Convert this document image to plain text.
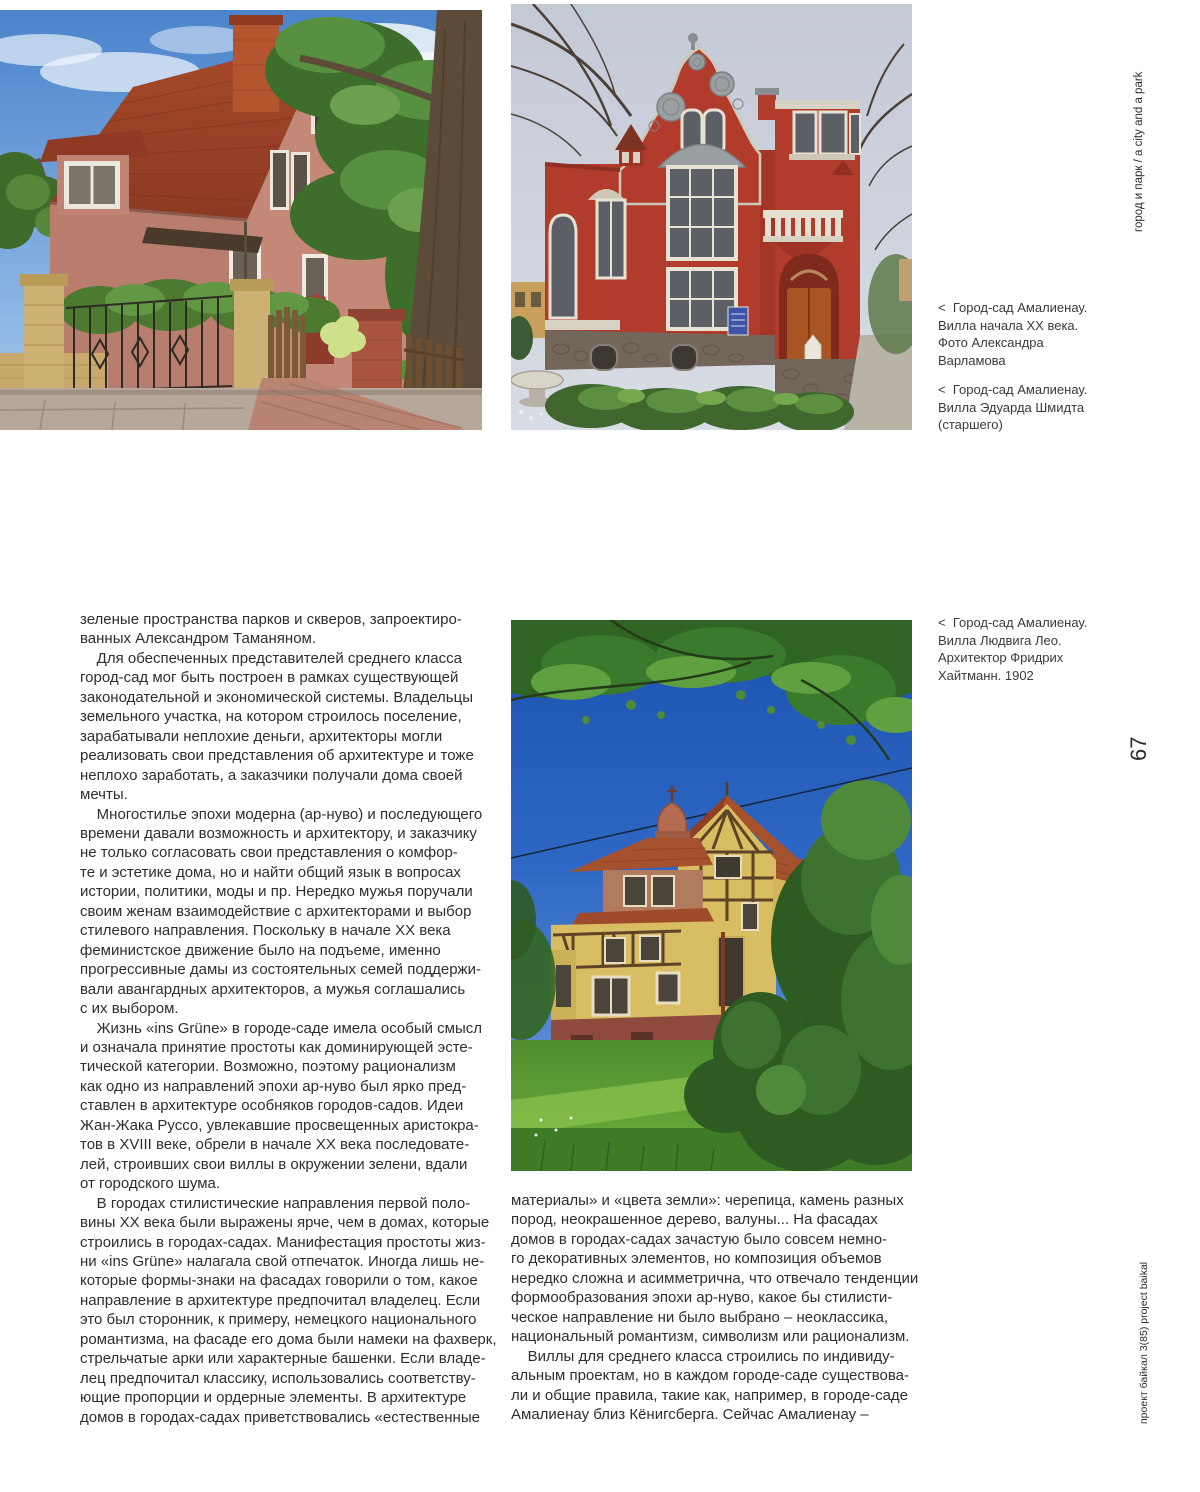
<  Город-сад Амалиенау.
Вилла начала XX века.
Фото Александра
Варламова
<  Город-сад Амалиенау.
Вилла Эдуарда Шмидта
(старшего)
<  Город-сад Амалиенау.
Вилла Людвига Лео.
Архитектор Фридрих
Хайтманн. 1902
зеленые пространства парков и скверов, запроектиро-
ванных Александром Таманяном.
Для обеспеченных представителей среднего класса
город-сад мог быть построен в рамках существующей
законодательной и экономической системы. Владельцы
земельного участка, на котором строилось поселение,
зарабатывали неплохие деньги, архитекторы могли
реализовать свои представления об архитектуре и тоже
неплохо заработать, а заказчики получали дома своей
мечты.
Многостилье эпохи модерна (ар-нуво) и последующего
времени давали возможность и архитектору, и заказчику
не только согласовать свои представления о комфор-
те и эстетике дома, но и найти общий язык в вопросах
истории, политики, моды и пр. Нередко мужья поручали
своим женам взаимодействие с архитекторами и выбор
стилевого направления. Поскольку в начале XX века
феминистское движение было на подъеме, именно
прогрессивные дамы из состоятельных семей поддержи-
вали авангардных архитекторов, а мужья соглашались
с их выбором.
Жизнь «ins Grüne» в городе-саде имела особый смысл
и означала принятие простоты как доминирующей эсте-
тической категории. Возможно, поэтому рационализм
как одно из направлений эпохи ар-нуво был ярко пред-
ставлен в архитектуре особняков городов-садов. Идеи
Жан-Жака Руссо, увлекавшие просвещенных аристокра-
тов в XVIII веке, обрели в начале XX века последовате-
лей, строивших свои виллы в окружении зелени, вдали
от городского шума.
В городах стилистические направления первой поло-
вины XX века были выражены ярче, чем в домах, которые
строились в городах-садах. Манифестация простоты жиз-
ни «ins Grüne» налагала свой отпечаток. Иногда лишь не-
которые формы-знаки на фасадах говорили о том, какое
направление в архитектуре предпочитал владелец. Если
это был сторонник, к примеру, немецкого национального
романтизма, на фасаде его дома были намеки на фахверк,
стрельчатые арки или характерные башенки. Если владе-
лец предпочитал классику, использовались соответству-
ющие пропорции и ордерные элементы. В архитектуре
домов в городах-садах приветствовались «естественные
материалы» и «цвета земли»: черепица, камень разных
пород, неокрашенное дерево, валуны... На фасадах
домов в городах-садах зачастую было совсем немно-
го декоративных элементов, но композиция объемов
нередко сложна и асимметрична, что отвечало тенденции
формообразования эпохи ар-нуво, какое бы стилисти-
ческое направление ни было выбрано – неоклассика,
национальный романтизм, символизм или рационализм.
Виллы для среднего класса строились по индивиду-
альным проектам, но в каждом городе-саде существова-
ли и общие правила, такие как, например, в городе-саде
Амалиенау близ Кёнигсберга. Сейчас Амалиенау –
город и парк / a city and a park
67
проект байкал 3(85) project baikal
